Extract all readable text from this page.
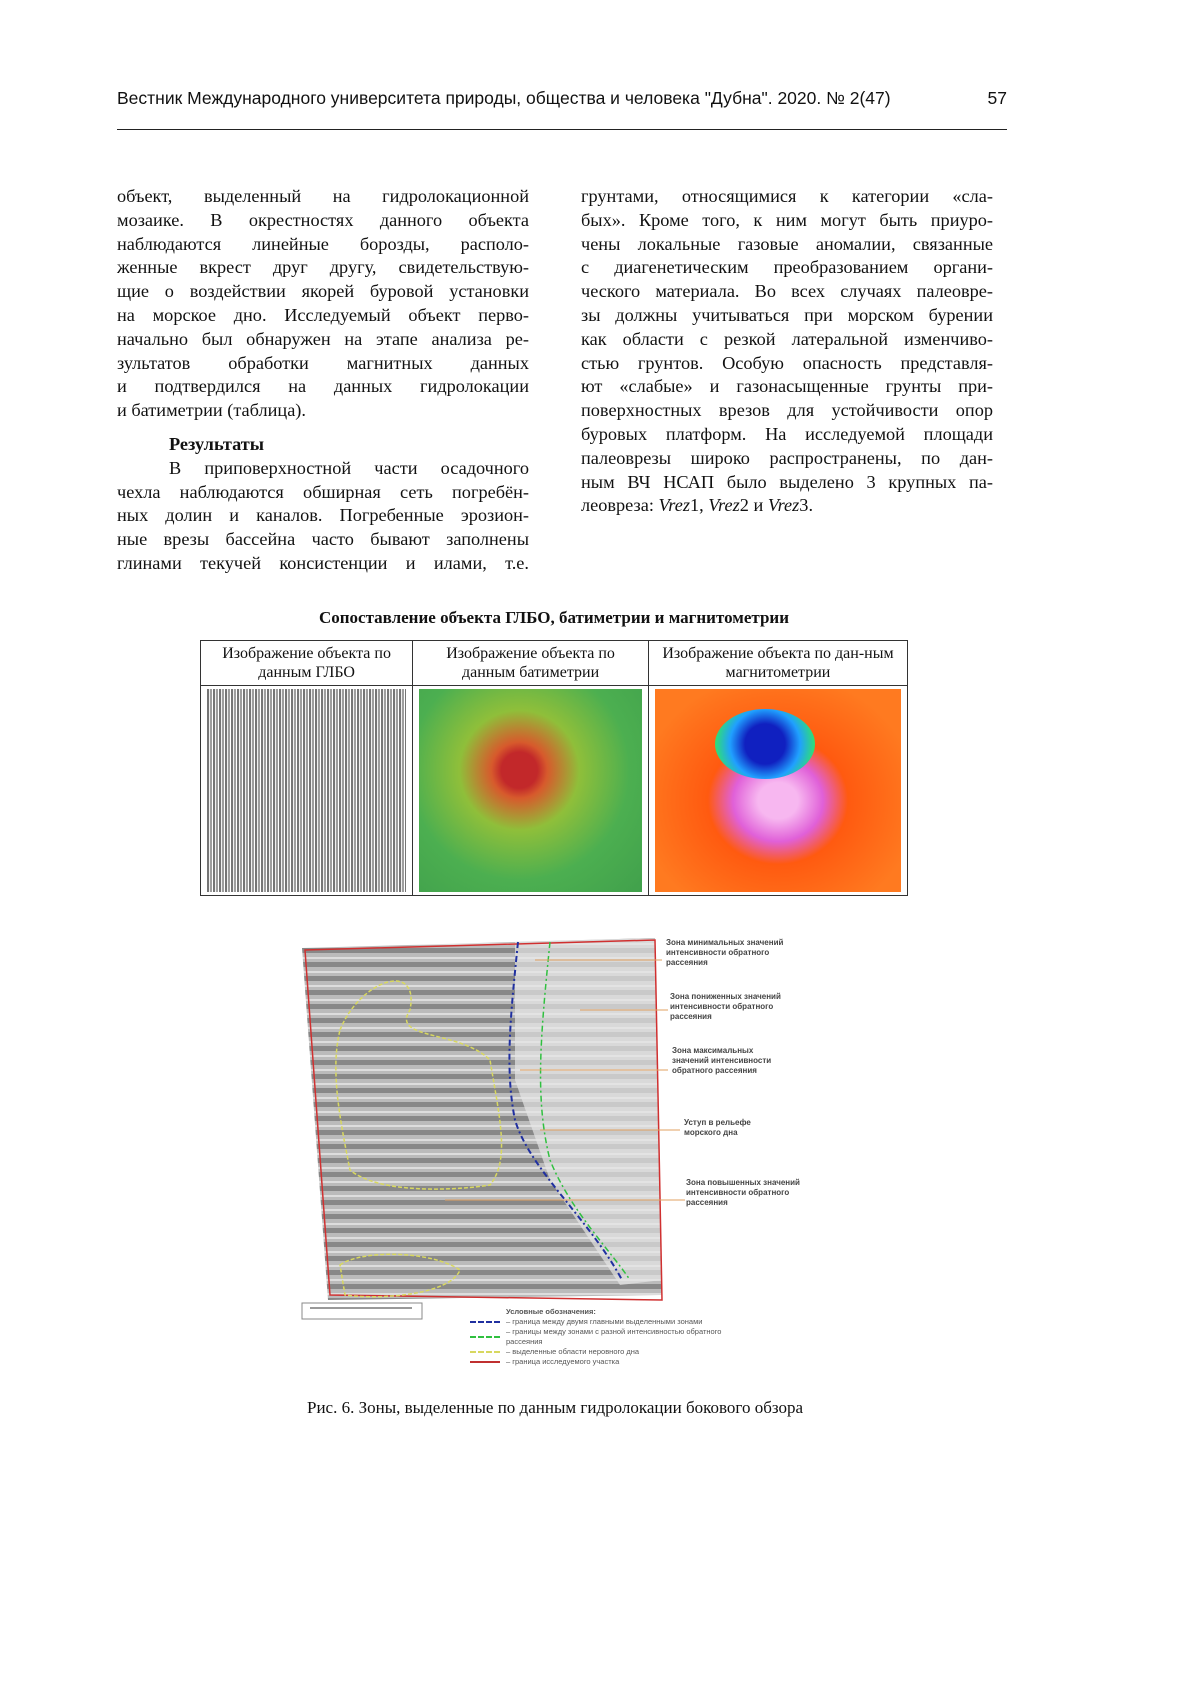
Вестник Международного университета природы, общества и человека "Дубна". 2020. № 2(47)	57
объект, выделенный на гидролокационной
мозаике. В окрестностях данного объекта
наблюдаются линейные борозды, располо-
женные вкрест друг другу, свидетельствую-
щие о воздействии якорей буровой установки
на морское дно. Исследуемый объект перво-
начально был обнаружен на этапе анализа ре-
зультатов обработки магнитных данных
и подтвердился на данных гидролокации
и батиметрии (таблица).
Результаты
В приповерхностной части осадочного
чехла наблюдаются обширная сеть погребён-
ных долин и каналов. Погребенные эрозион-
ные врезы бассейна часто бывают заполнены
глинами текучей консистенции и илами, т.е.
грунтами, относящимися к категории «сла-
бых». Кроме того, к ним могут быть приуро-
чены локальные газовые аномалии, связанные
с диагенетическим преобразованием органи-
ческого материала. Во всех случаях палеовре-
зы должны учитываться при морском бурении
как области с резкой латеральной изменчиво-
стью грунтов. Особую опасность представля-
ют «слабые» и газонасыщенные грунты при-
поверхностных врезов для устойчивости опор
буровых платформ. На исследуемой площади
палеоврезы широко распространены, по дан-
ным ВЧ НСАП было выделено 3 крупных па-
леовреза: Vrez1, Vrez2 и Vrez3.
Сопоставление объекта ГЛБО, батиметрии и магнитометрии
Изображение объекта по данным ГЛБО	Изображение объекта по данным батиметрии	Изображение объекта по дан-ным магнитометрии

Зона минимальных значений интенсивности обратного рассеяния
Зона пониженных значений интенсивности обратного рассеяния
Зона максимальных значений интенсивности обратного рассеяния
Уступ в рельефе морского дна
Зона повышенных значений интенсивности обратного рассеяния
Условные обозначения:
– граница между двумя главными выделенными зонами
– границы между зонами с разной интенсивностью обратного рассеяния
– выделенные области неровного дна
– граница исследуемого участка
Рис. 6. Зоны, выделенные по данным гидролокации бокового обзора
